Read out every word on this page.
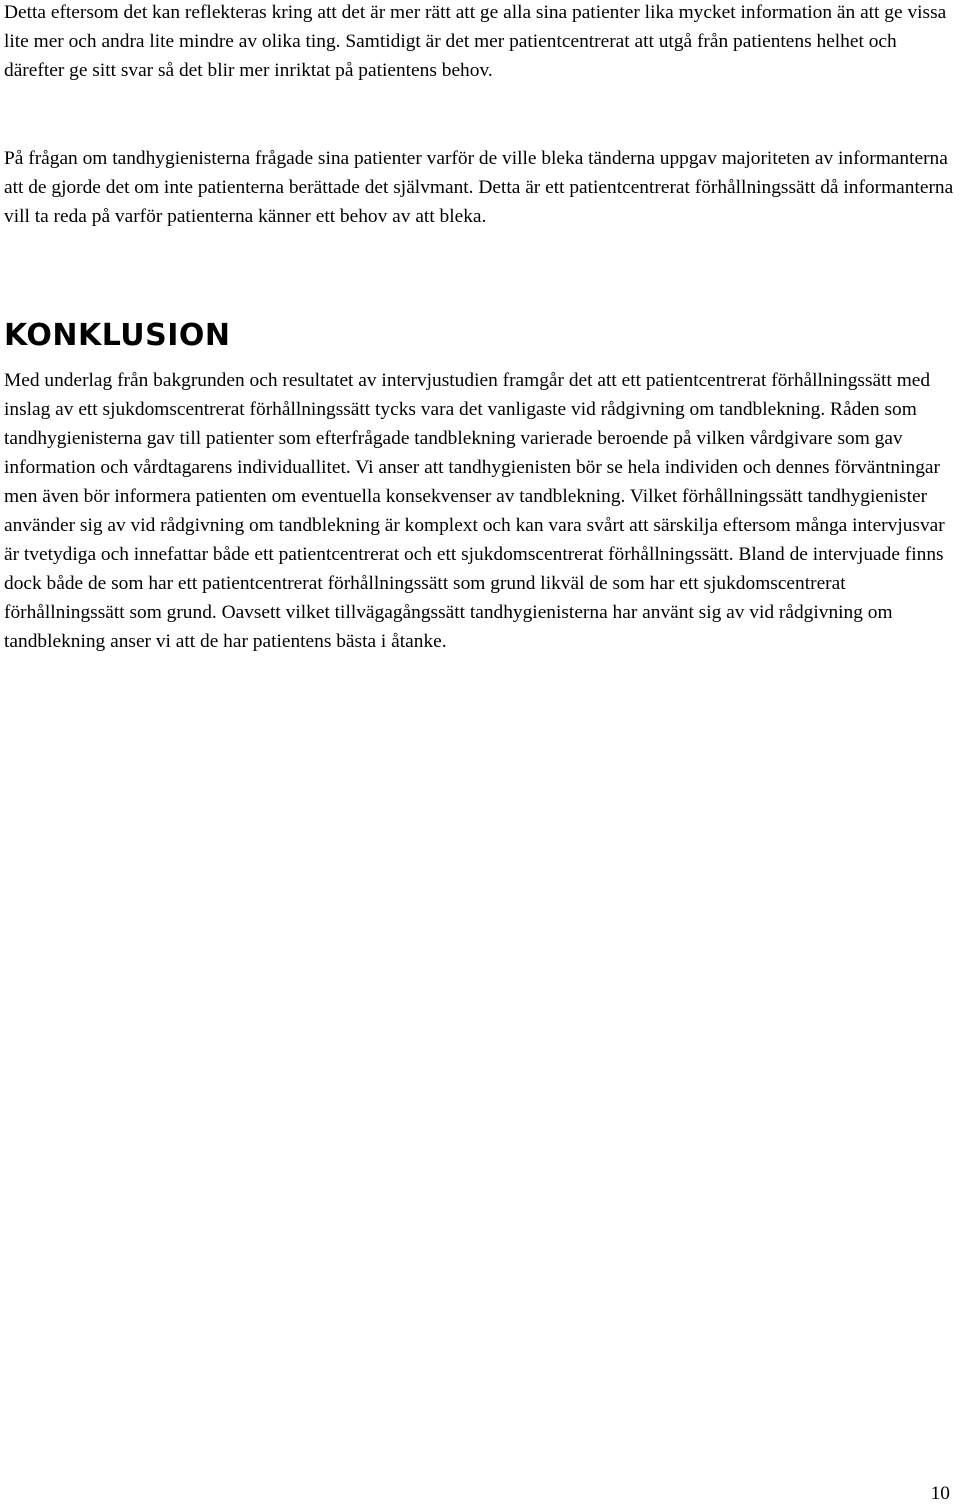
Detta eftersom det kan reflekteras kring att det är mer rätt att ge alla sina patienter lika mycket information än att ge vissa lite mer och andra lite mindre av olika ting. Samtidigt är det mer patientcentrerat att utgå från patientens helhet och därefter ge sitt svar så det blir mer inriktat på patientens behov.

På frågan om tandhygienisterna frågade sina patienter varför de ville bleka tänderna uppgav majoriteten av informanterna att de gjorde det om inte patienterna berättade det självmant. Detta är ett patientcentrerat förhållningssätt då informanterna vill ta reda på varför patienterna känner ett behov av att bleka.

KONKLUSION

Med underlag från bakgrunden och resultatet av intervjustudien framgår det att ett patientcentrerat förhållningssätt med inslag av ett sjukdomscentrerat förhållningssätt tycks vara det vanligaste vid rådgivning om tandblekning. Råden som tandhygienisterna gav till patienter som efterfrågade tandblekning varierade beroende på vilken vårdgivare som gav information och vårdtagarens individuallitet. Vi anser att tandhygienisten bör se hela individen och dennes förväntningar men även bör informera patienten om eventuella konsekvenser av tandblekning. Vilket förhållningssätt tandhygienister använder sig av vid rådgivning om tandblekning är komplext och kan vara svårt att särskilja eftersom många intervjusvar är tvetydiga och innefattar både ett patientcentrerat och ett sjukdomscentrerat förhållningssätt. Bland de intervjuade finns dock både de som har ett patientcentrerat förhållningssätt som grund likväl de som har ett sjukdomscentrerat förhållningssätt som grund. Oavsett vilket tillvägagångssätt tandhygienisterna har använt sig av vid rådgivning om tandblekning anser vi att de har patientens bästa i åtanke.

10
